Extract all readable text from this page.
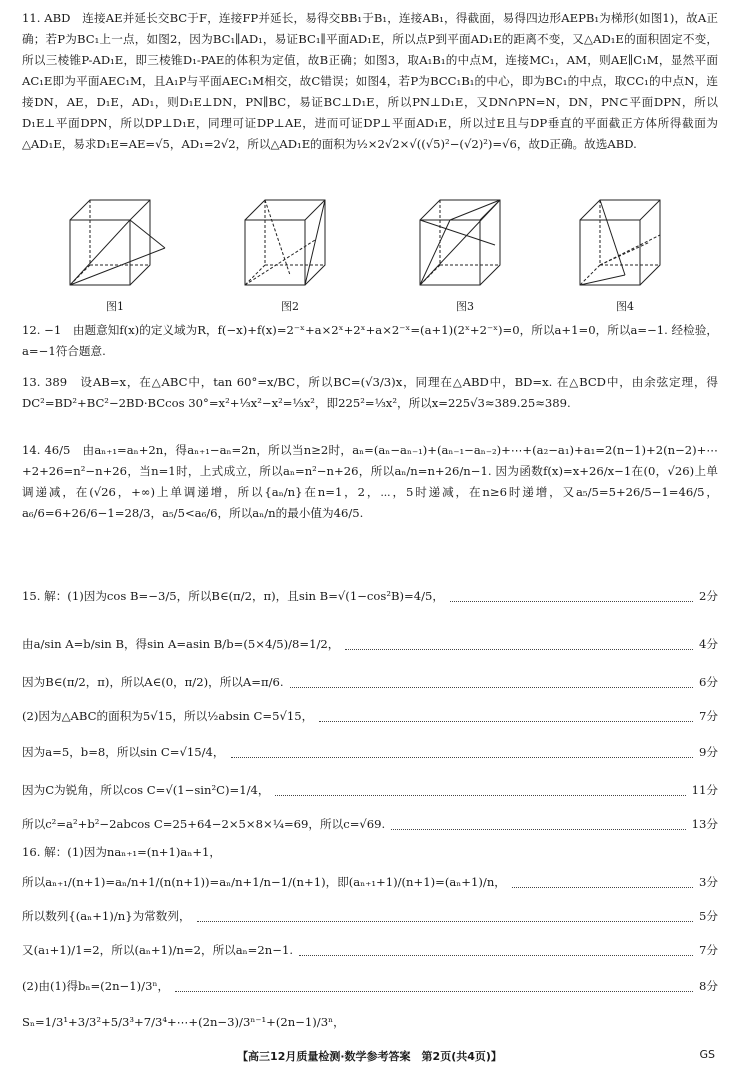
11. ABD　连接AE并延长交BC于F，连接FP并延长，易得交BB₁于B₁，连接AB₁，得截面，易得四边形AEPB₁为梯形(如图1)，故A正确；若P为BC₁上一点，如图2，因为BC₁∥AD₁，易证BC₁∥平面AD₁E，所以点P到平面AD₁E的距离不变，又△AD₁E的面积固定不变，所以三棱锥P-AD₁E，即三棱锥D₁-PAE的体积为定值，故B正确；如图3，取A₁B₁的中点M，连接MC₁，AM，则AE∥C₁M，显然平面AC₁E即为平面AEC₁M，且A₁P与平面AEC₁M相交，故C错误；如图4，若P为BCC₁B₁的中心，即为BC₁的中点，取CC₁的中点N，连接DN，AE，D₁E，AD₁，则D₁E⊥DN，PN∥BC，易证BC⊥D₁E，所以PN⊥D₁E，又DN∩PN=N，DN，PN⊂平面DPN，所以D₁E⊥平面DPN，所以DP⊥D₁E，同理可证DP⊥AE，进而可证DP⊥平面AD₁E，所以过E且与DP垂直的平面截正方体所得截面为△AD₁E，易求D₁E=AE=√5，AD₁=2√2，所以△AD₁E的面积为½×2√2×√((√5)²−(√2)²)=√6，故D正确。故选ABD.
图1	图2	图3	图4
12. −1　由题意知f(x)的定义域为R，f(−x)+f(x)=2⁻ˣ+a×2ˣ+2ˣ+a×2⁻ˣ=(a+1)(2ˣ+2⁻ˣ)=0，所以a+1=0，所以a=−1. 经检验，a=−1符合题意.
13. 389　设AB=x，在△ABC中，tan 60°=x/BC，所以BC=(√3/3)x，同理在△ABD中，BD=x. 在△BCD中，由余弦定理，得DC²=BD²+BC²−2BD·BCcos 30°=x²+⅓x²−x²=⅓x²，即225²=⅓x²，所以x=225√3≈389.25≈389.
14. 46/5　由aₙ₊₁=aₙ+2n，得aₙ₊₁−aₙ=2n，所以当n≥2时，aₙ=(aₙ−aₙ₋₁)+(aₙ₋₁−aₙ₋₂)+⋯+(a₂−a₁)+a₁=2(n−1)+2(n−2)+⋯+2+26=n²−n+26，当n=1时，上式成立，所以aₙ=n²−n+26，所以aₙ/n=n+26/n−1. 因为函数f(x)=x+26/x−1在(0，√26)上单调递减，在(√26，+∞)上单调递增，所以{aₙ/n}在n=1，2，⋯，5时递减，在n≥6时递增，又a₅/5=5+26/5−1=46/5，a₆/6=6+26/6−1=28/3，a₅/5<a₆/6，所以aₙ/n的最小值为46/5.
15. 解：(1)因为cos B=−3/5，所以B∈(π/2，π)，且sin B=√(1−cos²B)=4/5，	2分
由a/sin A=b/sin B，得sin A=asin B/b=(5×4/5)/8=1/2，	4分
因为B∈(π/2，π)，所以A∈(0，π/2)，所以A=π/6.	6分
(2)因为△ABC的面积为5√15，所以½absin C=5√15，	7分
因为a=5，b=8，所以sin C=√15/4，	9分
因为C为锐角，所以cos C=√(1−sin²C)=1/4，	11分
所以c²=a²+b²−2abcos C=25+64−2×5×8×¼=69，所以c=√69.	13分
16. 解：(1)因为naₙ₊₁=(n+1)aₙ+1，
所以aₙ₊₁/(n+1)=aₙ/n+1/(n(n+1))=aₙ/n+1/n−1/(n+1)，即(aₙ₊₁+1)/(n+1)=(aₙ+1)/n，	3分
所以数列{(aₙ+1)/n}为常数列，	5分
又(a₁+1)/1=2，所以(aₙ+1)/n=2，所以aₙ=2n−1.	7分
(2)由(1)得bₙ=(2n−1)/3ⁿ，	8分
Sₙ=1/3¹+3/3²+5/3³+7/3⁴+⋯+(2n−3)/3ⁿ⁻¹+(2n−1)/3ⁿ，
【高三12月质量检测·数学参考答案　第2页(共4页)】	GS
